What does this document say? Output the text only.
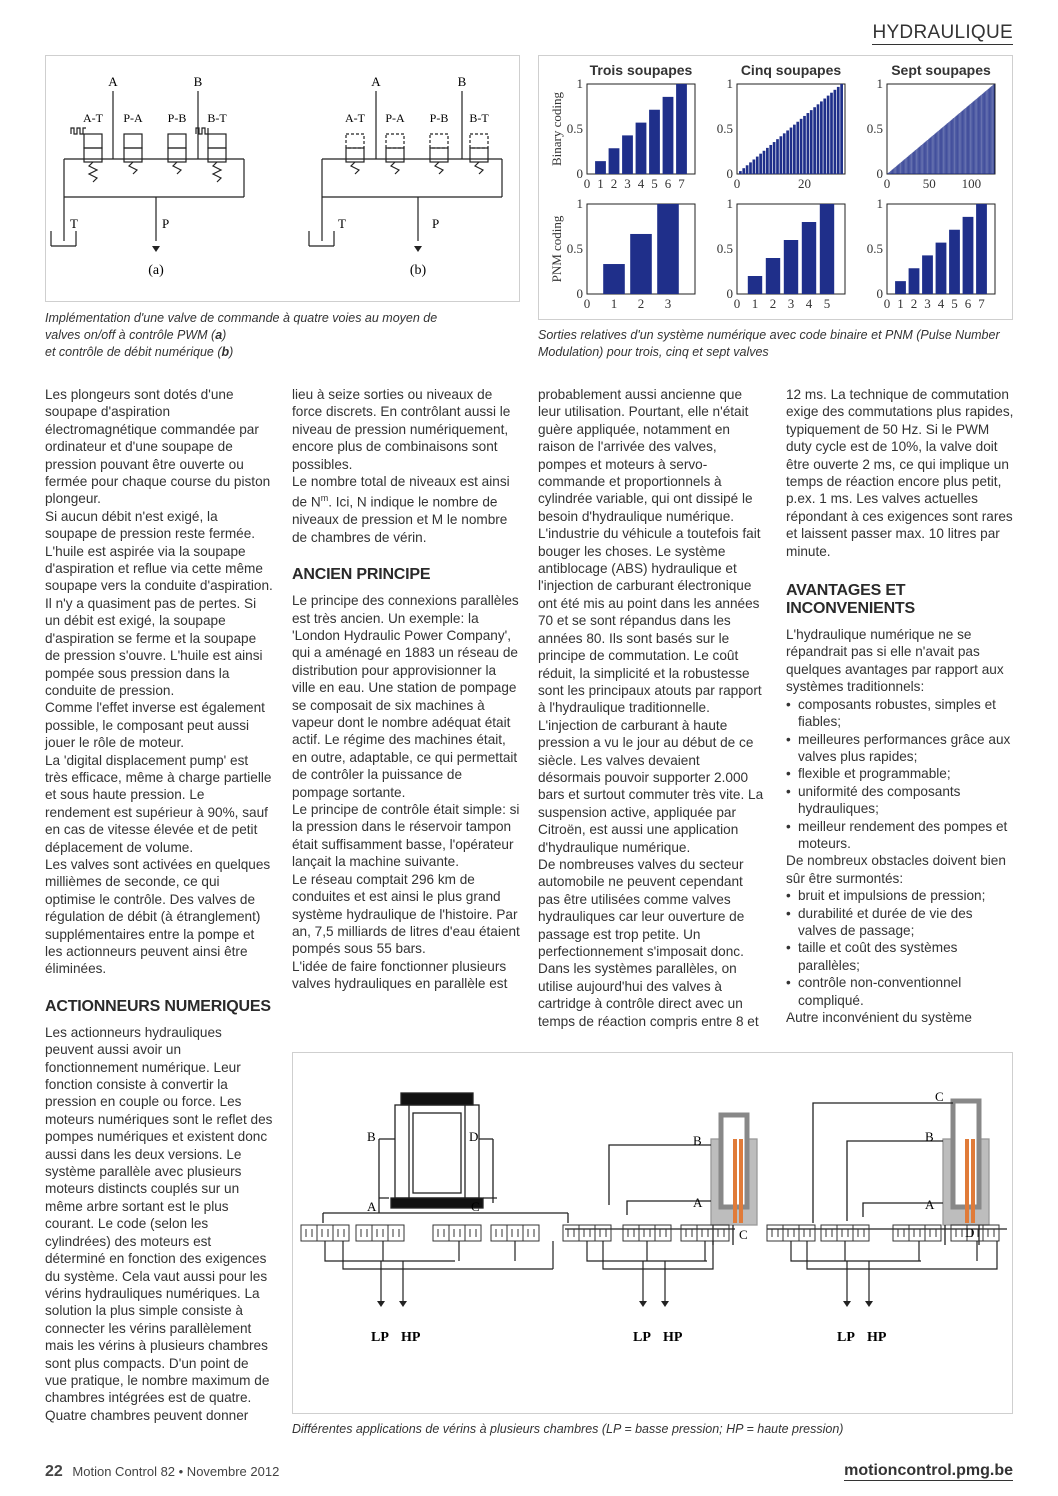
HYDRAULIQUE
A	B
A-T P-A P-B B-T
T	P
(a)
A	B
A-T P-A P-B B-T
T	P
(b)
Implémentation d'une valve de commande à quatre voies au moyen de
valves on/off à contrôle PWM (a)
et contrôle de débit numérique (b)
Trois soupapes	Cinq soupapes	Sept soupapes
Binary coding
PNM coding
0
0.5
1
0 1 2 3 4 5 6 7
0
0.5
1
0	20
0
0.5
1
0 50 100
0
0.5
1
0 1 2 3
0
0.5
1
0 1 2 3 4 5
0
0.5
1
0 1 2 3 4 5 6 7
Sorties relatives d'un système numérique avec code binaire et PNM (Pulse Number
Modulation) pour trois, cinq et sept valves

Les plongeurs sont dotés d'une soupape d'aspiration électromagnétique commandée par ordinateur et d'une soupape de pression pouvant être ouverte ou fermée pour chaque course du piston plongeur.

Si aucun débit n'est exigé, la soupape de pression reste fermée. L'huile est aspirée via la soupape d'aspiration et reflue via cette même soupape vers la conduite d'aspiration.

Il n'y a quasiment pas de pertes. Si un débit est exigé, la soupape d'aspiration se ferme et la soupape de pression s'ouvre. L'huile est ainsi pompée sous pression dans la conduite de pression.

Comme l'effet inverse est également possible, le composant peut aussi jouer le rôle de moteur.

La 'digital displacement pump' est très efficace, même à charge partielle et sous haute pression. Le rendement est supérieur à 90%, sauf en cas de vitesse élevée et de petit déplacement de volume.

Les valves sont activées en quelques millièmes de seconde, ce qui optimise le contrôle. Des valves de régulation de débit (à étranglement) supplémentaires entre la pompe et les actionneurs peuvent ainsi être éliminées.

ACTIONNEURS NUMERIQUES

Les actionneurs hydrauliques peuvent aussi avoir un fonctionnement numérique. Leur fonction consiste à convertir la pression en couple ou force. Les moteurs numériques sont le reflet des pompes numériques et existent donc aussi dans les deux versions. Le système parallèle avec plusieurs moteurs distincts couplés sur un même arbre sortant est le plus courant. Le code (selon les cylindrées) des moteurs est déterminé en fonction des exigences du système. Cela vaut aussi pour les vérins hydrauliques numériques. La solution la plus simple consiste à connecter les vérins parallèlement mais les vérins à plusieurs chambres sont plus compacts. D'un point de vue pratique, le nombre maximum de chambres intégrées est de quatre. Quatre chambres peuvent donner

lieu à seize sorties ou niveaux de force discrets. En contrôlant aussi le niveau de pression numériquement, encore plus de combinaisons sont possibles.

Le nombre total de niveaux est ainsi de $N^m$. Ici, N indique le nombre de niveaux de pression et M le nombre de chambres de vérin.

ANCIEN PRINCIPE

Le principe des connexions parallèles est très ancien. Un exemple: la 'London Hydraulic Power Company', qui a aménagé en 1883 un réseau de distribution pour approvisionner la ville en eau. Une station de pompage se composait de six machines à vapeur dont le nombre adéquat était actif. Le régime des machines était, en outre, adaptable, ce qui permettait de contrôler la puissance de pompage sortante.

Le principe de contrôle était simple: si la pression dans le réservoir tampon était suffisamment basse, l'opérateur lançait la machine suivante.

Le réseau comptait 296 km de conduites et est ainsi le plus grand système hydraulique de l'histoire. Par an, 7,5 milliards de litres d'eau étaient pompés sous 55 bars.

L'idée de faire fonctionner plusieurs valves hydrauliques en parallèle est

probablement aussi ancienne que leur utilisation. Pourtant, elle n'était guère appliquée, notamment en raison de l'arrivée des valves, pompes et moteurs à servo-commande et proportionnels à cylindrée variable, qui ont dissipé le besoin d'hydraulique numérique.

L'industrie du véhicule a toutefois fait bouger les choses. Le système antiblocage (ABS) hydraulique et l'injection de carburant électronique ont été mis au point dans les années 70 et se sont répandus dans les années 80. Ils sont basés sur le principe de commutation. Le coût réduit, la simplicité et la robustesse sont les principaux atouts par rapport à l'hydraulique traditionnelle.

L'injection de carburant à haute pression a vu le jour au début de ce siècle. Les valves devaient désormais pouvoir supporter 2.000 bars et surtout commuter très vite. La suspension active, appliquée par Citroën, est aussi une application d'hydraulique numérique.

De nombreuses valves du secteur automobile ne peuvent cependant pas être utilisées comme valves hydrauliques car leur ouverture de passage est trop petite. Un perfectionnement s'imposait donc. Dans les systèmes parallèles, on utilise aujourd'hui des valves à cartridge à contrôle direct avec un temps de réaction compris entre 8 et

12 ms. La technique de commutation exige des commutations plus rapides, typiquement de 50 Hz. Si le PWM duty cycle est de 10%, la valve doit être ouverte 2 ms, ce qui implique un temps de réaction encore plus petit, p.ex. 1 ms. Les valves actuelles répondant à ces exigences sont rares et laissent passer max. 10 litres par minute.

AVANTAGES ET INCONVENIENTS

L'hydraulique numérique ne se répandrait pas si elle n'avait pas quelques avantages par rapport aux systèmes traditionnels:

• composants robustes, simples et fiables;
• meilleures performances grâce aux valves plus rapides;
• flexible et programmable;
• uniformité des composants hydrauliques;
• meilleur rendement des pompes et moteurs.

De nombreux obstacles doivent bien sûr être surmontés:

• bruit et impulsions de pression;
• durabilité et durée de vie des valves de passage;
• taille et coût des systèmes parallèles;
• contrôle non-conventionnel compliqué.

Autre inconvénient du système

B	D
A	C
LP HP
B
A
C
LP HP
C
B
A
D
LP HP
Différentes applications de vérins à plusieurs chambres (LP = basse pression; HP = haute pression)
22 Motion Control 82 • Novembre 2012	motioncontrol.pmg.be
